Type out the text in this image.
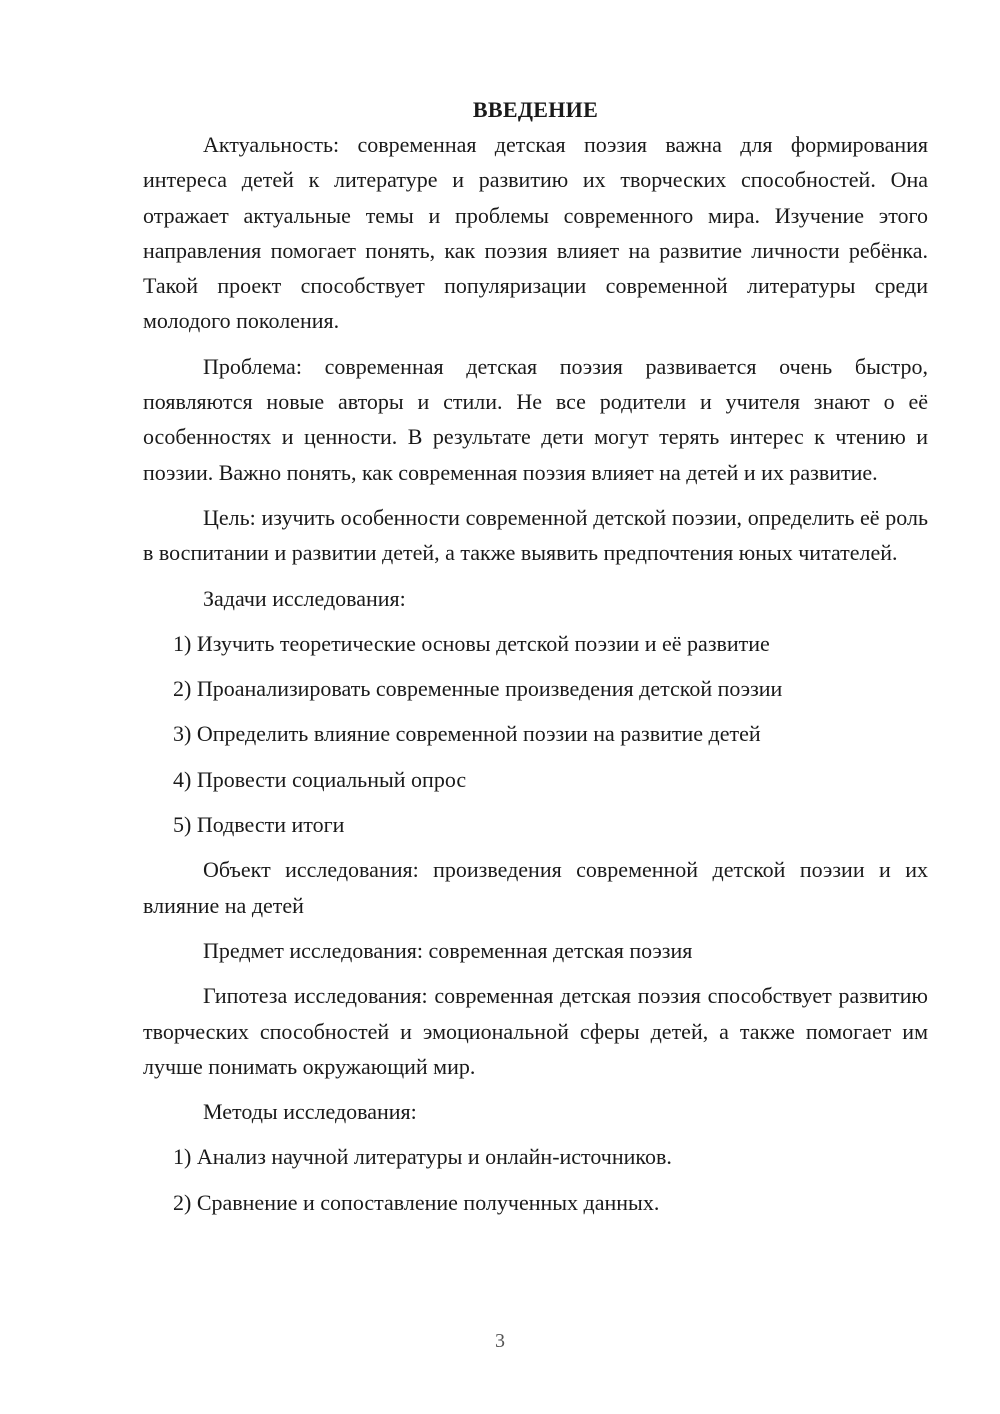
ВВЕДЕНИЕ

Актуальность: современная детская поэзия важна для формирования интереса детей к литературе и развитию их творческих способностей. Она отражает актуальные темы и проблемы современного мира. Изучение этого направления помогает понять, как поэзия влияет на развитие личности ребёнка. Такой проект способствует популяризации современной литературы среди молодого поколения.

Проблема: современная детская поэзия развивается очень быстро, появляются новые авторы и стили. Не все родители и учителя знают о её особенностях и ценности. В результате дети могут терять интерес к чтению и поэзии. Важно понять, как современная поэзия влияет на детей и их развитие.

Цель: изучить особенности современной детской поэзии, определить её роль в воспитании и развитии детей, а также выявить предпочтения юных читателей.

Задачи исследования:

1) Изучить теоретические основы детской поэзии и её развитие
2) Проанализировать современные произведения детской поэзии
3) Определить влияние современной поэзии на развитие детей
4) Провести социальный опрос
5) Подвести итоги

Объект исследования: произведения современной детской поэзии и их влияние на детей

Предмет исследования: современная детская поэзия

Гипотеза исследования: современная детская поэзия способствует развитию творческих способностей и эмоциональной сферы детей, а также помогает им лучше понимать окружающий мир.

Методы исследования:

1) Анализ научной литературы и онлайн-источников.
2) Сравнение и сопоставление полученных данных.
3
